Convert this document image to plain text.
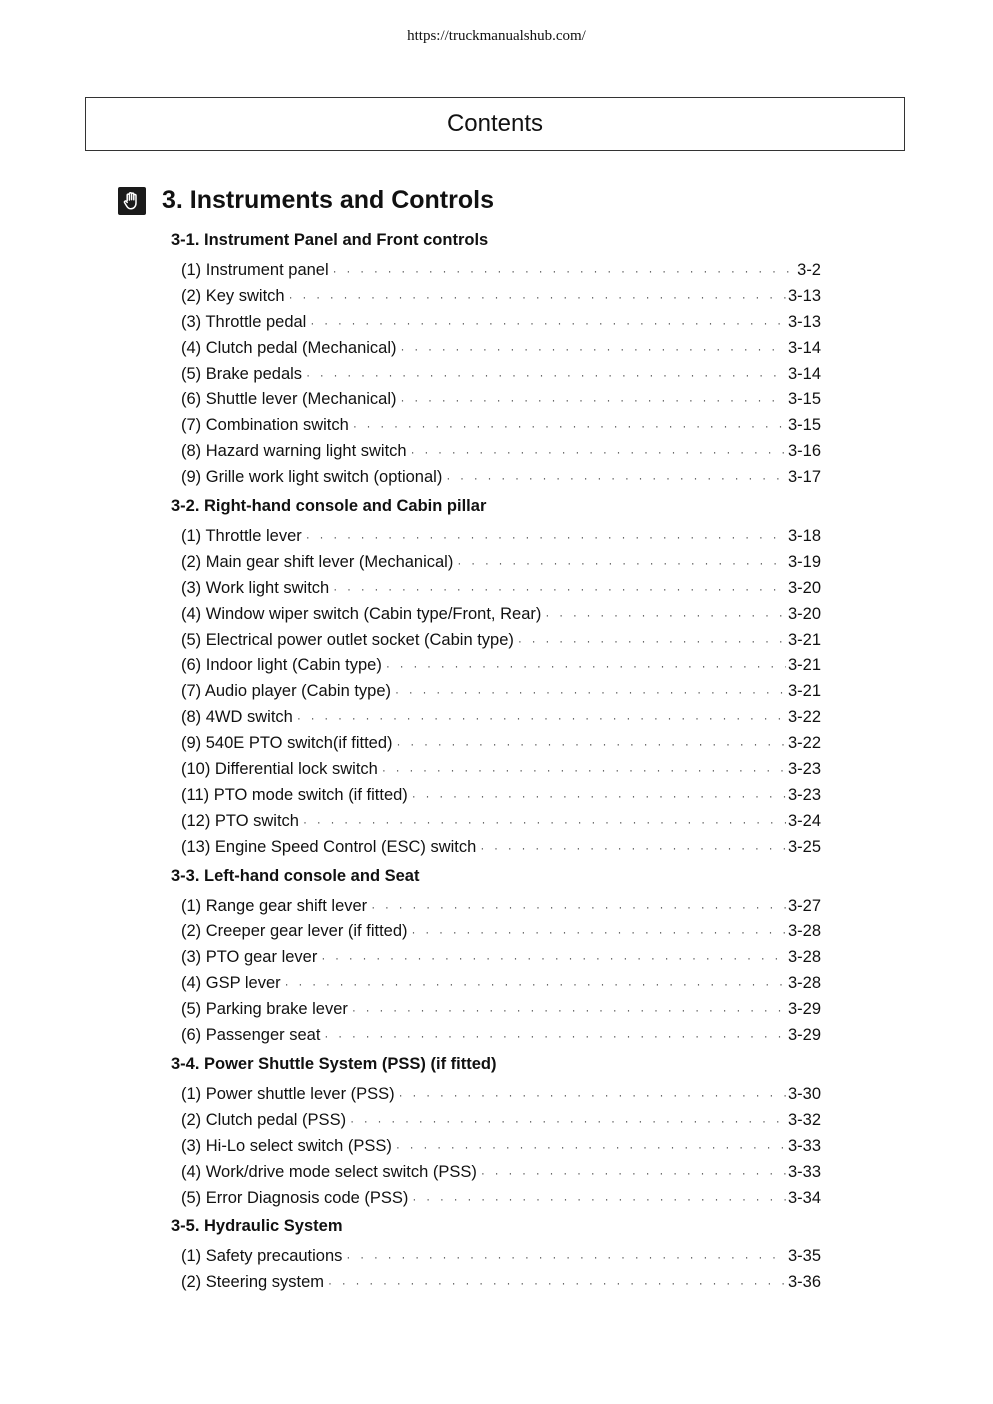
https://truckmanualshub.com/
Contents
3. Instruments and Controls
3-1. Instrument Panel and Front controls
(1) Instrument panel · · ·	3-2
(2) Key switch · · ·	3-13
(3) Throttle pedal · · ·	3-13
(4) Clutch pedal (Mechanical) · · ·	3-14
(5) Brake pedals · · ·	3-14
(6) Shuttle lever (Mechanical) · · ·	3-15
(7) Combination switch · · ·	3-15
(8) Hazard warning light switch · · ·	3-16
(9) Grille work light switch (optional) · · ·	3-17
3-2. Right-hand console and Cabin pillar
(1) Throttle lever · · ·	3-18
(2) Main gear shift lever (Mechanical) · · ·	3-19
(3) Work light switch · · ·	3-20
(4) Window wiper switch (Cabin type/Front, Rear) · · ·	3-20
(5) Electrical power outlet socket (Cabin type) · · ·	3-21
(6) Indoor light (Cabin type) · · ·	3-21
(7) Audio player (Cabin type) · · ·	3-21
(8) 4WD switch · · ·	3-22
(9) 540E PTO switch(if fitted) · · ·	3-22
(10) Differential lock switch · · ·	3-23
(11) PTO mode switch (if fitted) · · ·	3-23
(12) PTO switch · · ·	3-24
(13) Engine Speed Control (ESC) switch · · ·	3-25
3-3. Left-hand console and Seat
(1) Range gear shift lever · · ·	3-27
(2) Creeper gear lever (if fitted) · · ·	3-28
(3) PTO gear lever · · ·	3-28
(4) GSP lever · · ·	3-28
(5) Parking brake lever · · ·	3-29
(6) Passenger seat · · ·	3-29
3-4. Power Shuttle System (PSS) (if fitted)
(1) Power shuttle lever (PSS) · · ·	3-30
(2) Clutch pedal (PSS) · · ·	3-32
(3) Hi-Lo select switch (PSS) · · ·	3-33
(4) Work/drive mode select switch (PSS) · · ·	3-33
(5) Error Diagnosis code (PSS) · · ·	3-34
3-5. Hydraulic System
(1) Safety precautions · · ·	3-35
(2) Steering system · · ·	3-36
